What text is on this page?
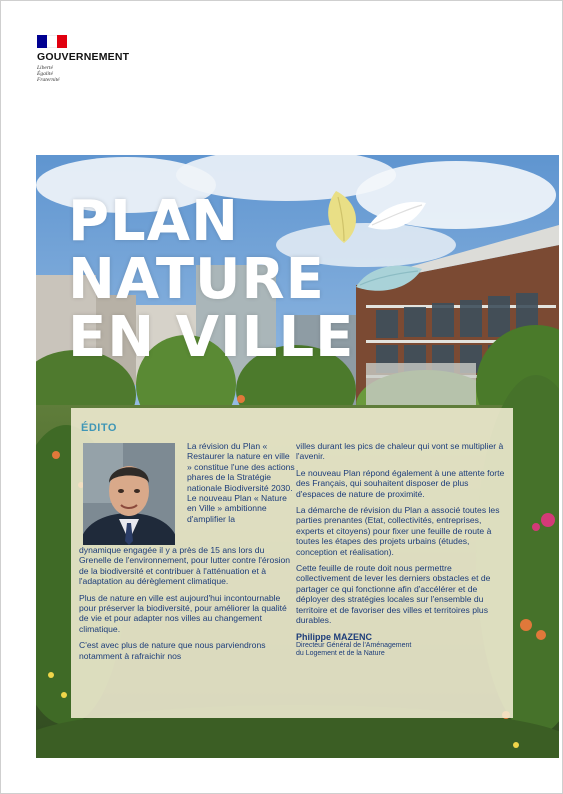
GOUVERNEMENT
Liberté
Égalité
Fraternité
PLAN
NATURE
EN VILLE
ÉDITO

La révision du Plan « Restaurer la nature en ville » constitue l'une des actions phares de la Stratégie nationale Biodiversité 2030. Le nouveau Plan « Nature en Ville » ambitionne d'amplifier la

dynamique engagée il y a près de 15 ans lors du Grenelle de l'environnement, pour lutter contre l'érosion de la biodiversité et contribuer à l'atténuation et à l'adaptation au dérèglement climatique.

Plus de nature en ville est aujourd'hui incontournable pour préserver la biodiversité, pour améliorer la qualité de vie et pour adapter nos villes au changement climatique.

C'est avec plus de nature que nous parviendrons notamment à rafraichir nos

villes durant les pics de chaleur qui vont se multiplier à l'avenir.

Le nouveau Plan répond également à une attente forte des Français, qui souhaitent disposer de plus d'espaces de nature de proximité.

La démarche de révision du Plan a associé toutes les parties prenantes (Etat, collectivités, entreprises, experts et citoyens) pour fixer une feuille de route à toutes les étapes des projets urbains (études, conception et réalisation).

Cette feuille de route doit nous permettre collectivement de lever les derniers obstacles et de partager ce qui fonctionne afin d'accélérer et de déployer des stratégies locales sur l'ensemble du territoire et de favoriser des villes et territoires plus durables.

Philippe MAZENC
Directeur Général de l'Aménagement
du Logement et de la Nature
